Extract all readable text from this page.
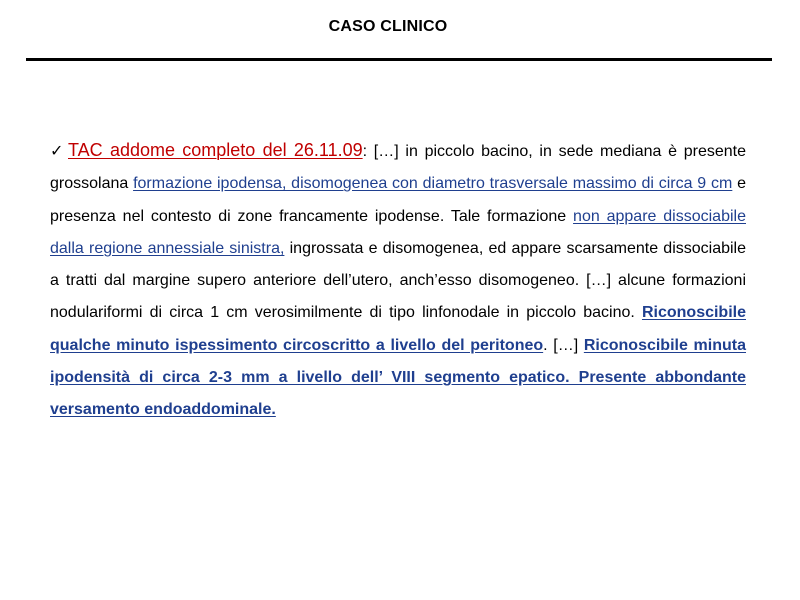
CASO CLINICO
✓ TAC addome completo del 26.11.09: […] in piccolo bacino, in sede mediana è presente grossolana formazione ipodensa, disomogenea con diametro trasversale massimo di circa 9 cm e presenza nel contesto di zone francamente ipodense. Tale formazione non appare dissociabile dalla regione annessiale sinistra, ingrossata e disomogenea, ed appare scarsamente dissociabile a tratti dal margine supero anteriore dell’utero, anch’esso disomogeneo. […] alcune formazioni nodulariformi di circa 1 cm verosimilmente di tipo linfonodale in piccolo bacino. Riconoscibile qualche minuto ispessimento circoscritto a livello del peritoneo. […] Riconoscibile minuta ipodensità di circa 2-3 mm a livello dell’ VIII segmento epatico. Presente abbondante versamento endoaddominale.
